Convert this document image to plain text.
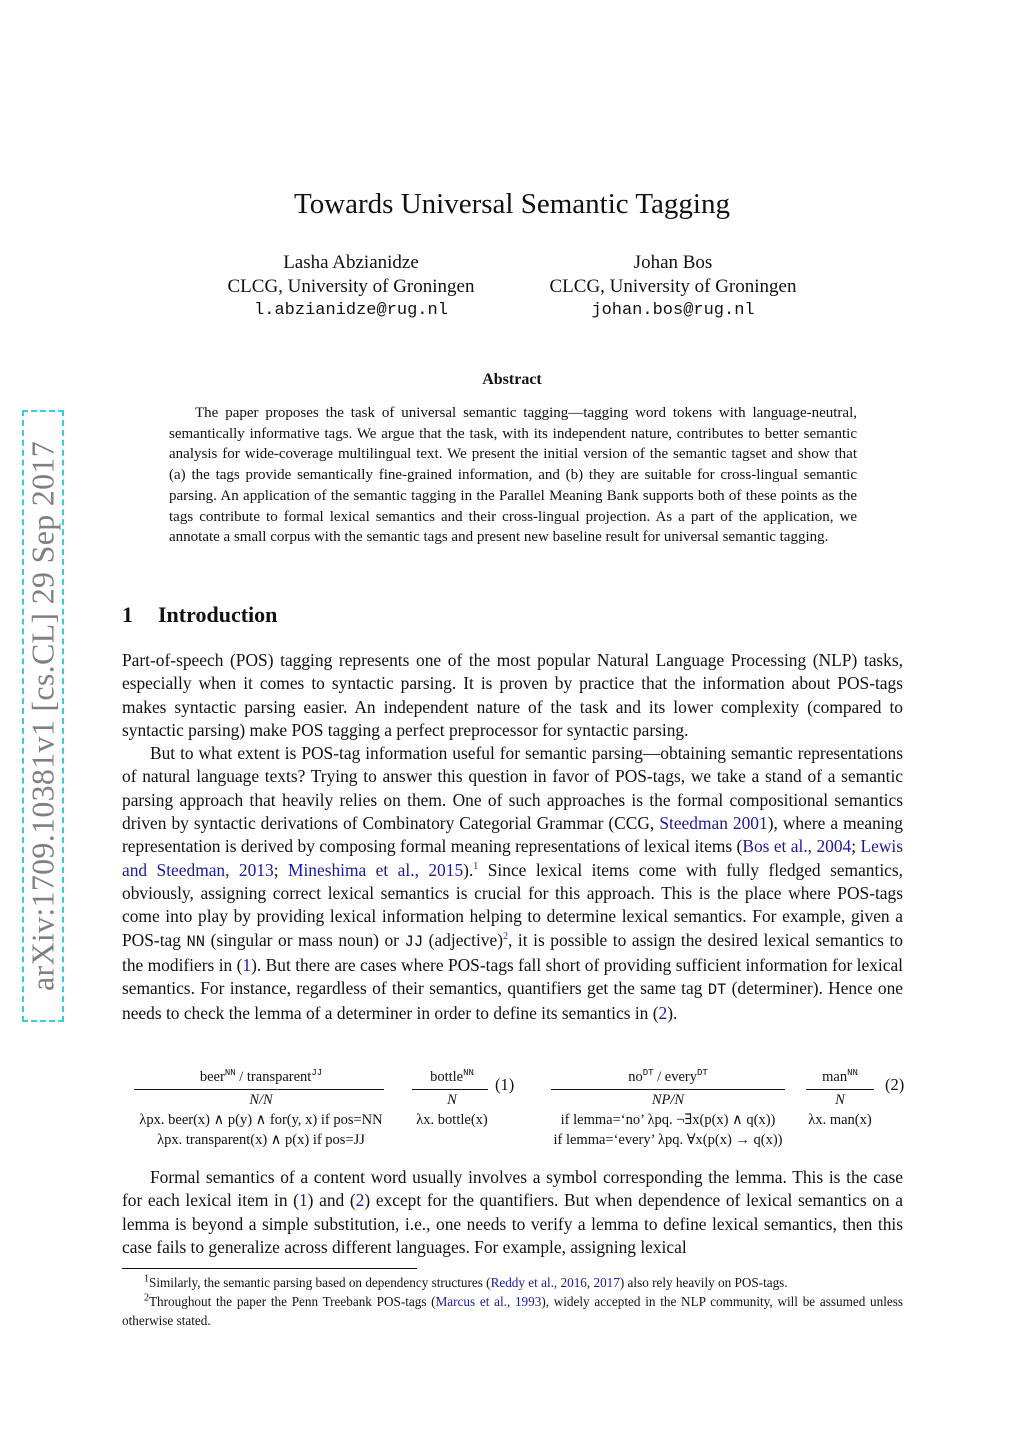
arXiv:1709.10381v1 [cs.CL] 29 Sep 2017
Towards Universal Semantic Tagging
Lasha Abzianidze
CLCG, University of Groningen
l.abzianidze@rug.nl
Johan Bos
CLCG, University of Groningen
johan.bos@rug.nl
Abstract
The paper proposes the task of universal semantic tagging—tagging word tokens with language-neutral, semantically informative tags. We argue that the task, with its independent nature, contributes to better semantic analysis for wide-coverage multilingual text. We present the initial version of the semantic tagset and show that (a) the tags provide semantically fine-grained information, and (b) they are suitable for cross-lingual semantic parsing. An application of the semantic tagging in the Parallel Meaning Bank supports both of these points as the tags contribute to formal lexical semantics and their cross-lingual projection. As a part of the application, we annotate a small corpus with the semantic tags and present new baseline result for universal semantic tagging.
1 Introduction

Part-of-speech (POS) tagging represents one of the most popular Natural Language Processing (NLP) tasks, especially when it comes to syntactic parsing. It is proven by practice that the information about POS-tags makes syntactic parsing easier. An independent nature of the task and its lower complexity (compared to syntactic parsing) make POS tagging a perfect preprocessor for syntactic parsing.

But to what extent is POS-tag information useful for semantic parsing—obtaining semantic representations of natural language texts? Trying to answer this question in favor of POS-tags, we take a stand of a semantic parsing approach that heavily relies on them. One of such approaches is the formal compositional semantics driven by syntactic derivations of Combinatory Categorial Grammar (CCG, Steedman 2001), where a meaning representation is derived by composing formal meaning representations of lexical items (Bos et al., 2004; Lewis and Steedman, 2013; Mineshima et al., 2015).$^1$ Since lexical items come with fully fledged semantics, obviously, assigning correct lexical semantics is crucial for this approach. This is the place where POS-tags come into play by providing lexical information helping to determine lexical semantics. For example, given a POS-tag NN (singular or mass noun) or JJ (adjective)$^2$, it is possible to assign the desired lexical semantics to the modifiers in (1). But there are cases where POS-tags fall short of providing sufficient information for lexical semantics. For instance, regardless of their semantics, quantifiers get the same tag DT (determiner). Hence one needs to check the lemma of a determiner in order to define its semantics in (2).

beer$^{NN}$ / transparent$^{JJ}$
N/N
λpx. beer(x) ∧ p(y) ∧ for(y, x) if pos=NN
λpx. transparent(x) ∧ p(x) if pos=JJ
bottle$^{NN}$
N
λx. bottle(x)
(1)	$no^{DT}$ / every$^{DT}$
NP/N
if lemma=‘no’ λpq. ¬∃x(p(x) ∧ q(x))
if lemma=‘every’ λpq. ∀x(p(x) → q(x))
man$^{NN}$
N
λx. man(x)
(2)

Formal semantics of a content word usually involves a symbol corresponding the lemma. This is the case for each lexical item in (1) and (2) except for the quantifiers. But when dependence of lexical semantics on a lemma is beyond a simple substitution, i.e., one needs to verify a lemma to define lexical semantics, then this case fails to generalize across different languages. For example, assigning lexical

$^1$Similarly, the semantic parsing based on dependency structures (Reddy et al., 2016, 2017) also rely heavily on POS-tags.

$^2$Throughout the paper the Penn Treebank POS-tags (Marcus et al., 1993), widely accepted in the NLP community, will be assumed unless otherwise stated.
